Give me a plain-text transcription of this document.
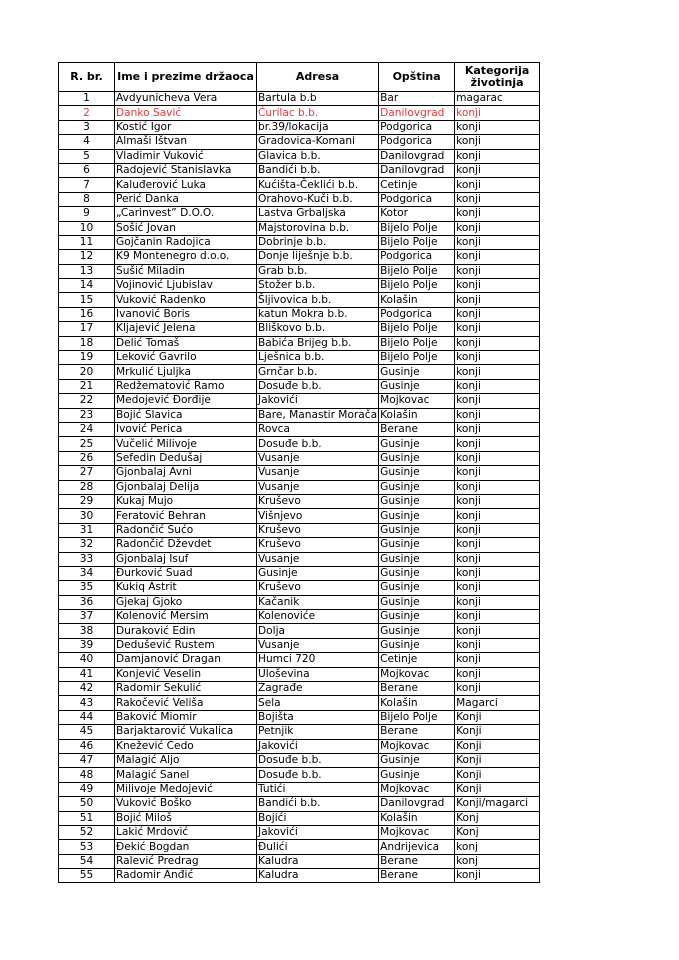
R. br.	Ime i prezime držaoca	Adresa	Opština	Kategorija životinja
1	Avdyunicheva Vera	Bartula b.b	Bar	magarac
2	Danko Savić	Ćurilac b.b.	Danilovgrad	konji
3	Kostić Igor	br.39/lokacija	Podgorica	konji
4	Almaši Ištvan	Gradovica-Komani	Podgorica	konji
5	Vladimir Vuković	Glavica b.b.	Danilovgrad	konji
6	Radojević Stanislavka	Bandići b.b.	Danilovgrad	konji
7	Kaluđerović Luka	Kućišta-Čeklići b.b.	Cetinje	konji
8	Perić Danka	Orahovo-Kuči b.b.	Podgorica	konji
9	„Carinvest” D.O.O.	Lastva Grbaljska	Kotor	konji
10	Sošić Jovan	Majstorovina b.b.	Bijelo Polje	konji
11	Gojčanin Radojica	Dobrinje b.b.	Bijelo Polje	konji
12	K9 Montenegro d.o.o.	Donje lijеšnje b.b.	Podgorica	konji
13	Šušić Miladin	Grab b.b.	Bijelo Polje	konji
14	Vojinović Ljubislav	Stožer b.b.	Bijelo Polje	konji
15	Vuković Radenko	Šljivovica b.b.	Kolašin	konji
16	Ivanović Boris	katun Mokra b.b.	Podgorica	konji
17	Kljajević Jelena	Bliškovo b.b.	Bijelo Polje	konji
18	Delić Tomaš	Babića Brijeg b.b.	Bijelo Polje	konji
19	Leković Gavrilo	Lješnica b.b.	Bijelo Polje	konji
20	Mrkulić Ljuljka	Grnčar b.b.	Gusinje	konji
21	Redžematović Ramo	Dosuđe b.b.	Gusinje	konji
22	Medojević Đorđije	Jakovići	Mojkovac	konji
23	Bojić Slavica	Bare, Manastir Morača	Kolašin	konji
24	Ivović Perica	Rovca	Berane	konji
25	Vučelić Milivoje	Dosuđe b.b.	Gusinje	konji
26	Sefedin Dedušaj	Vusanje	Gusinje	konji
27	Gjonbalaj Avni	Vusanje	Gusinje	konji
28	Gjonbalaj Delija	Vusanje	Gusinje	konji
29	Kukaj Mujo	Kruševo	Gusinje	konji
30	Feratović Behran	Višnjevo	Gusinje	konji
31	Radončić Šućo	Kruševo	Gusinje	konji
32	Radončić Dževdet	Kruševo	Gusinje	konji
33	Gjonbalaj Isuf	Vusanje	Gusinje	konji
34	Đurković Suad	Gusinje	Gusinje	konji
35	Kukiq Astrit	Kruševo	Gusinje	konji
36	Gjekaj Gjoko	Kačanik	Gusinje	konji
37	Kolenović Mersim	Kolenoviće	Gusinje	konji
38	Duraković Edin	Dolja	Gusinje	konji
39	Dedušević Rustem	Vusanje	Gusinje	konji
40	Damjanović Dragan	Humci 720	Cetinje	konji
41	Konjević Veselin	Uloševina	Mojkovac	konji
42	Radomir Sekulić	Zagrađe	Berane	konji
43	Rakočević Veliša	Sela	Kolašin	Magarci
44	Baković Miomir	Bojišta	Bijelo Polje	Konji
45	Barjaktarović Vukalica	Petnjik	Berane	Konji
46	Knežević Čedo	Jakovići	Mojkovac	Konji
47	Malagić Aljo	Dosuđe b.b.	Gusinje	Konji
48	Malagić Sanel	Dosuđe b.b.	Gusinje	Konji
49	Milivoje Medojević	Tutići	Mojkovac	Konji
50	Vuković Boško	Bandići b.b.	Danilovgrad	Konji/magarci
51	Bojić Miloš	Bojići	Kolašin	Konj
52	Lakić Mrdović	Jakovići	Mojkovac	Konj
53	Đekić Bogdan	Đulići	Andrijevica	konj
54	Ralević Predrag	Kaludra	Berane	konj
55	Radomir Anđić	Kaludra	Berane	konji
